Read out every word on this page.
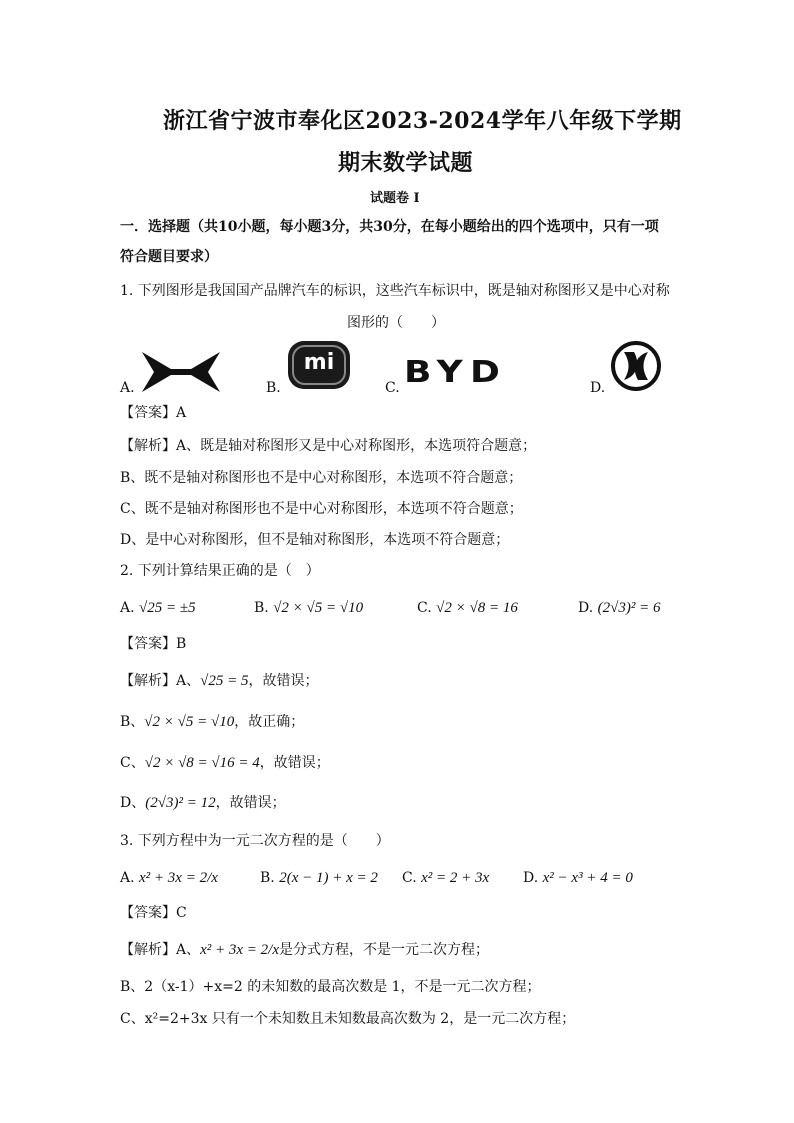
浙江省宁波市奉化区2023-2024学年八年级下学期
期末数学试题
试题卷 I
一．选择题（共10小题，每小题3分，共30分，在每小题给出的四个选项中，只有一项
符合题目要求）
1. 下列图形是我国国产品牌汽车的标识，这些汽车标识中，既是轴对称图形又是中心对称
图形的（　　）
A.	B.
mi
C. BYD	D.
【答案】A
【解析】A、既是轴对称图形又是中心对称图形，本选项符合题意；
B、既不是轴对称图形也不是中心对称图形，本选项不符合题意；
C、既不是轴对称图形也不是中心对称图形，本选项不符合题意；
D、是中心对称图形，但不是轴对称图形，本选项不符合题意；
2. 下列计算结果正确的是（　）
A. √25 = ±5	B. √2 × √5 = √10	C. √2 × √8 = 16	D. (2√3)² = 6
【答案】B
【解析】A、√25 = 5，故错误；
B、√2 × √5 = √10，故正确；
C、√2 × √8 = √16 = 4，故错误；
D、(2√3)² = 12，故错误；
3. 下列方程中为一元二次方程的是（　　）
A. x² + 3x = 2/x	B. 2(x − 1) + x = 2 C. x² = 2 + 3x D. x² − x³ + 4 = 0
【答案】C
【解析】A、x² + 3x = 2/x是分式方程，不是一元二次方程；
B、2（x-1）+x=2 的未知数的最高次数是 1，不是一元二次方程；
C、x²=2+3x 只有一个未知数且未知数最高次数为 2，是一元二次方程；
